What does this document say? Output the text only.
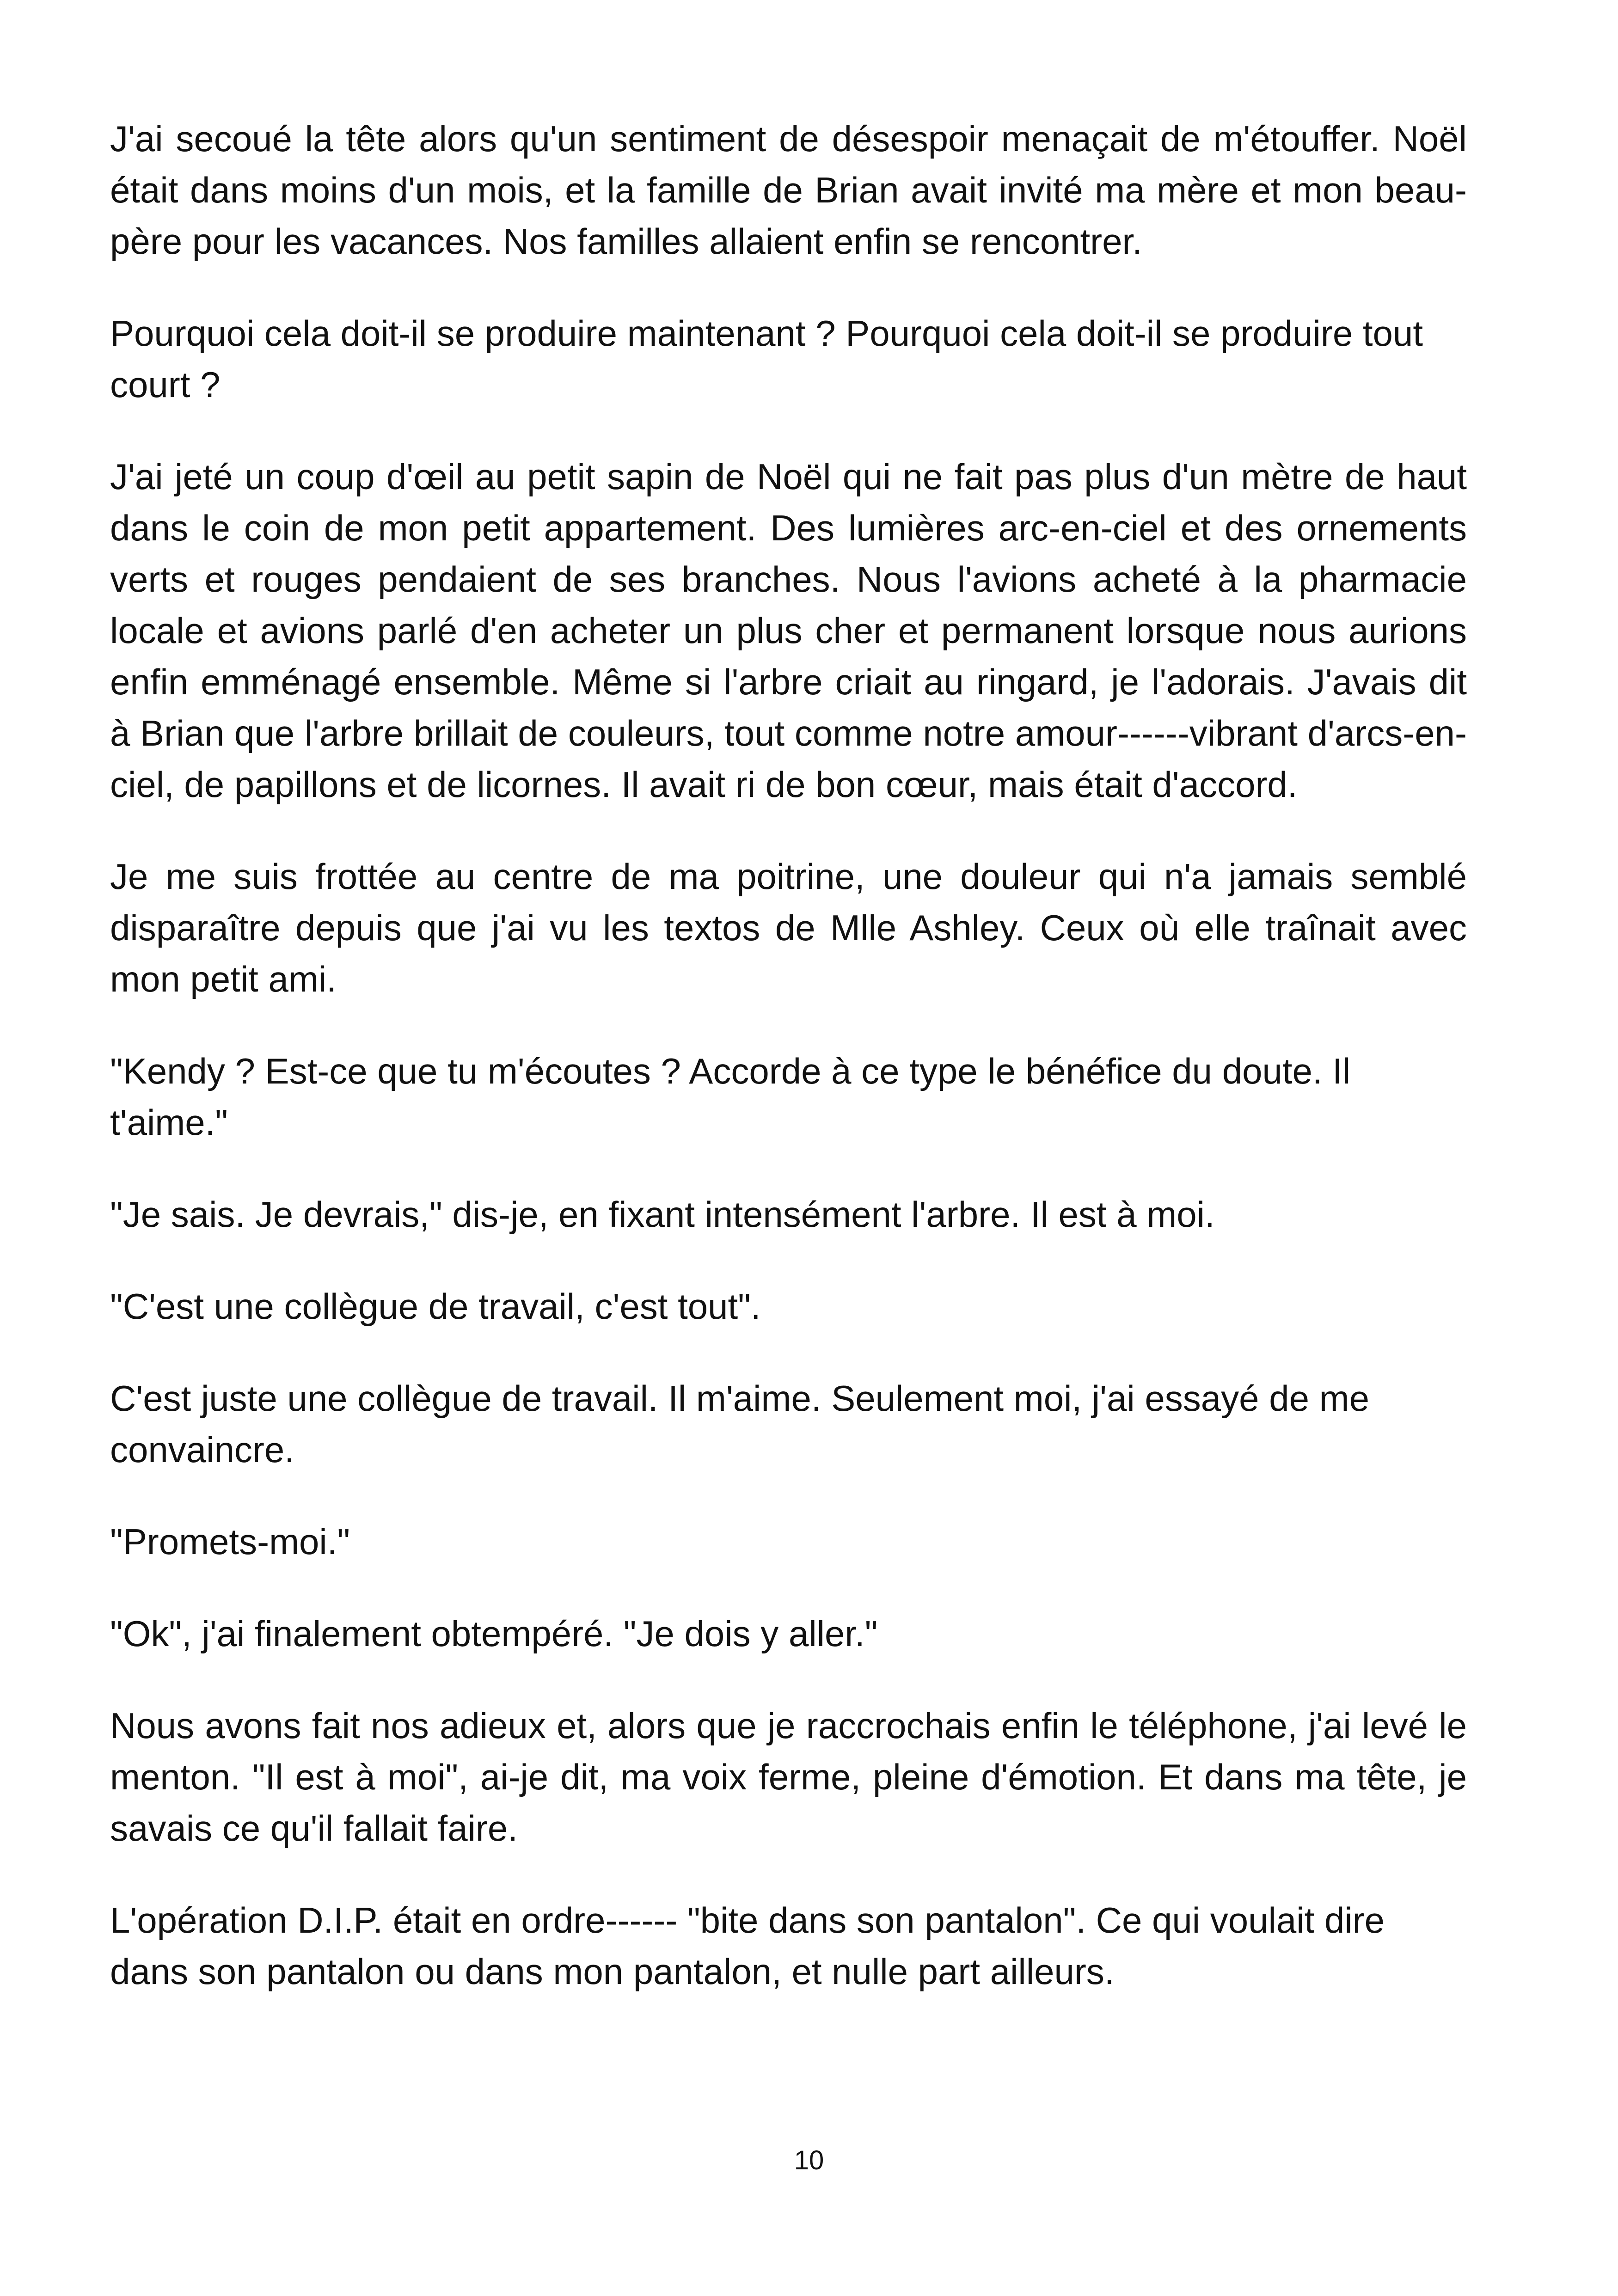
J'ai secoué la tête alors qu'un sentiment de désespoir menaçait de m'étouffer. Noël était dans moins d'un mois, et la famille de Brian avait invité ma mère et mon beau-père pour les vacances. Nos familles allaient enfin se rencontrer.

Pourquoi cela doit-il se produire maintenant ? Pourquoi cela doit-il se produire tout court ?

J'ai jeté un coup d'œil au petit sapin de Noël qui ne fait pas plus d'un mètre de haut dans le coin de mon petit appartement. Des lumières arc-en-ciel et des ornements verts et rouges pendaient de ses branches. Nous l'avions acheté à la pharmacie locale et avions parlé d'en acheter un plus cher et permanent lorsque nous aurions enfin emménagé ensemble. Même si l'arbre criait au ringard, je l'adorais. J'avais dit à Brian que l'arbre brillait de couleurs, tout comme notre amour------vibrant d'arcs-en-ciel, de papillons et de licornes. Il avait ri de bon cœur, mais était d'accord.

Je me suis frottée au centre de ma poitrine, une douleur qui n'a jamais semblé disparaître depuis que j'ai vu les textos de Mlle Ashley. Ceux où elle traînait avec mon petit ami.

"Kendy ? Est-ce que tu m'écoutes ? Accorde à ce type le bénéfice du doute. Il t'aime."

"Je sais. Je devrais," dis-je, en fixant intensément l'arbre. Il est à moi.

"C'est une collègue de travail, c'est tout".

C'est juste une collègue de travail. Il m'aime. Seulement moi, j'ai essayé de me convaincre.

"Promets-moi."

"Ok", j'ai finalement obtempéré. "Je dois y aller."

Nous avons fait nos adieux et, alors que je raccrochais enfin le téléphone, j'ai levé le menton. "Il est à moi", ai-je dit, ma voix ferme, pleine d'émotion. Et dans ma tête, je savais ce qu'il fallait faire.

L'opération D.I.P. était en ordre------ "bite dans son pantalon". Ce qui voulait dire dans son pantalon ou dans mon pantalon, et nulle part ailleurs.

10
